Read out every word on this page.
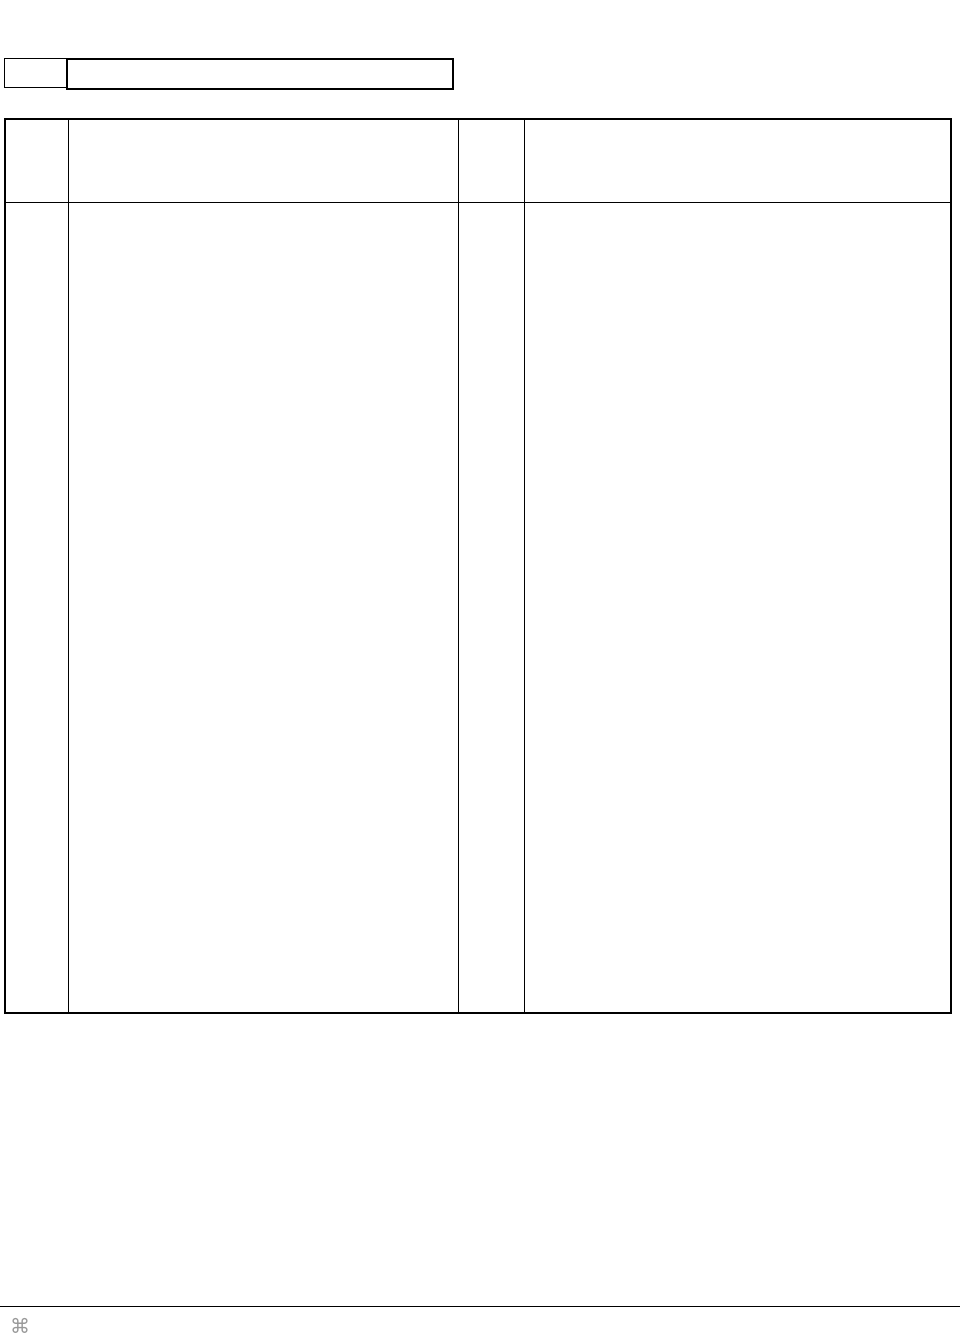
⌘
